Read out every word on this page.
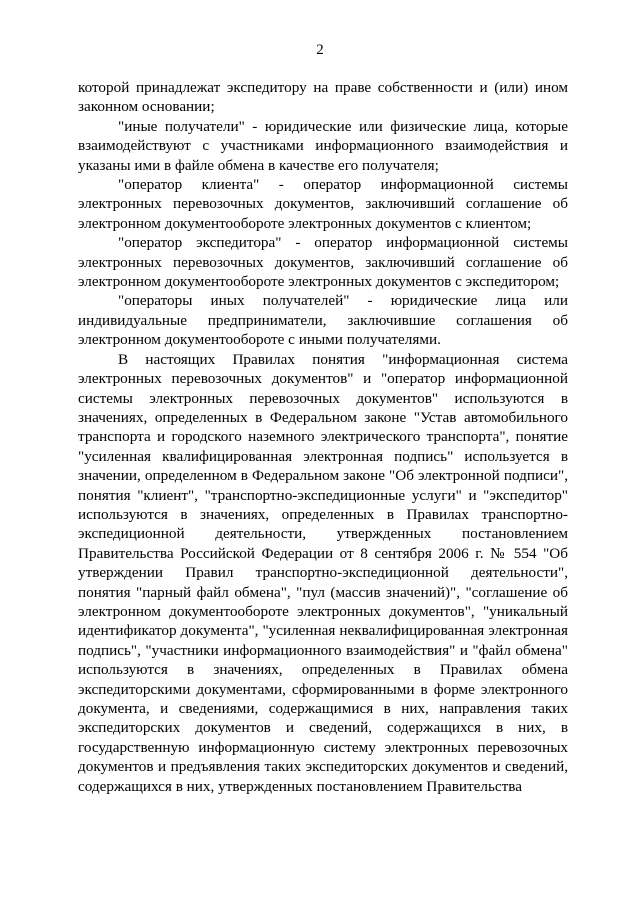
2

которой принадлежат экспедитору на праве собственности и (или) ином законном основании;

"иные получатели" - юридические или физические лица, которые взаимодействуют с участниками информационного взаимодействия и указаны ими в файле обмена в качестве его получателя;

"оператор клиента" - оператор информационной системы электронных перевозочных документов, заключивший соглашение об электронном документообороте электронных документов с клиентом;

"оператор экспедитора" - оператор информационной системы электронных перевозочных документов, заключивший соглашение об электронном документообороте электронных документов с экспедитором;

"операторы иных получателей" - юридические лица или индивидуальные предприниматели, заключившие соглашения об электронном документообороте с иными получателями.

В настоящих Правилах понятия "информационная система электронных перевозочных документов" и "оператор информационной системы электронных перевозочных документов" используются в значениях, определенных в Федеральном законе "Устав автомобильного транспорта и городского наземного электрического транспорта", понятие "усиленная квалифицированная электронная подпись" используется в значении, определенном в Федеральном законе "Об электронной подписи", понятия "клиент", "транспортно-экспедиционные услуги" и "экспедитор" используются в значениях, определенных в Правилах транспортно-экспедиционной деятельности, утвержденных постановлением Правительства Российской Федерации от 8 сентября 2006 г. № 554 "Об утверждении Правил транспортно-экспедиционной деятельности", понятия "парный файл обмена", "пул (массив значений)", "соглашение об электронном документообороте электронных документов", "уникальный идентификатор документа", "усиленная неквалифицированная электронная подпись", "участники информационного взаимодействия" и "файл обмена" используются в значениях, определенных в Правилах обмена экспедиторскими документами, сформированными в форме электронного документа, и сведениями, содержащимися в них, направления таких экспедиторских документов и сведений, содержащихся в них, в государственную информационную систему электронных перевозочных документов и предъявления таких экспедиторских документов и сведений, содержащихся в них, утвержденных постановлением Правительства
